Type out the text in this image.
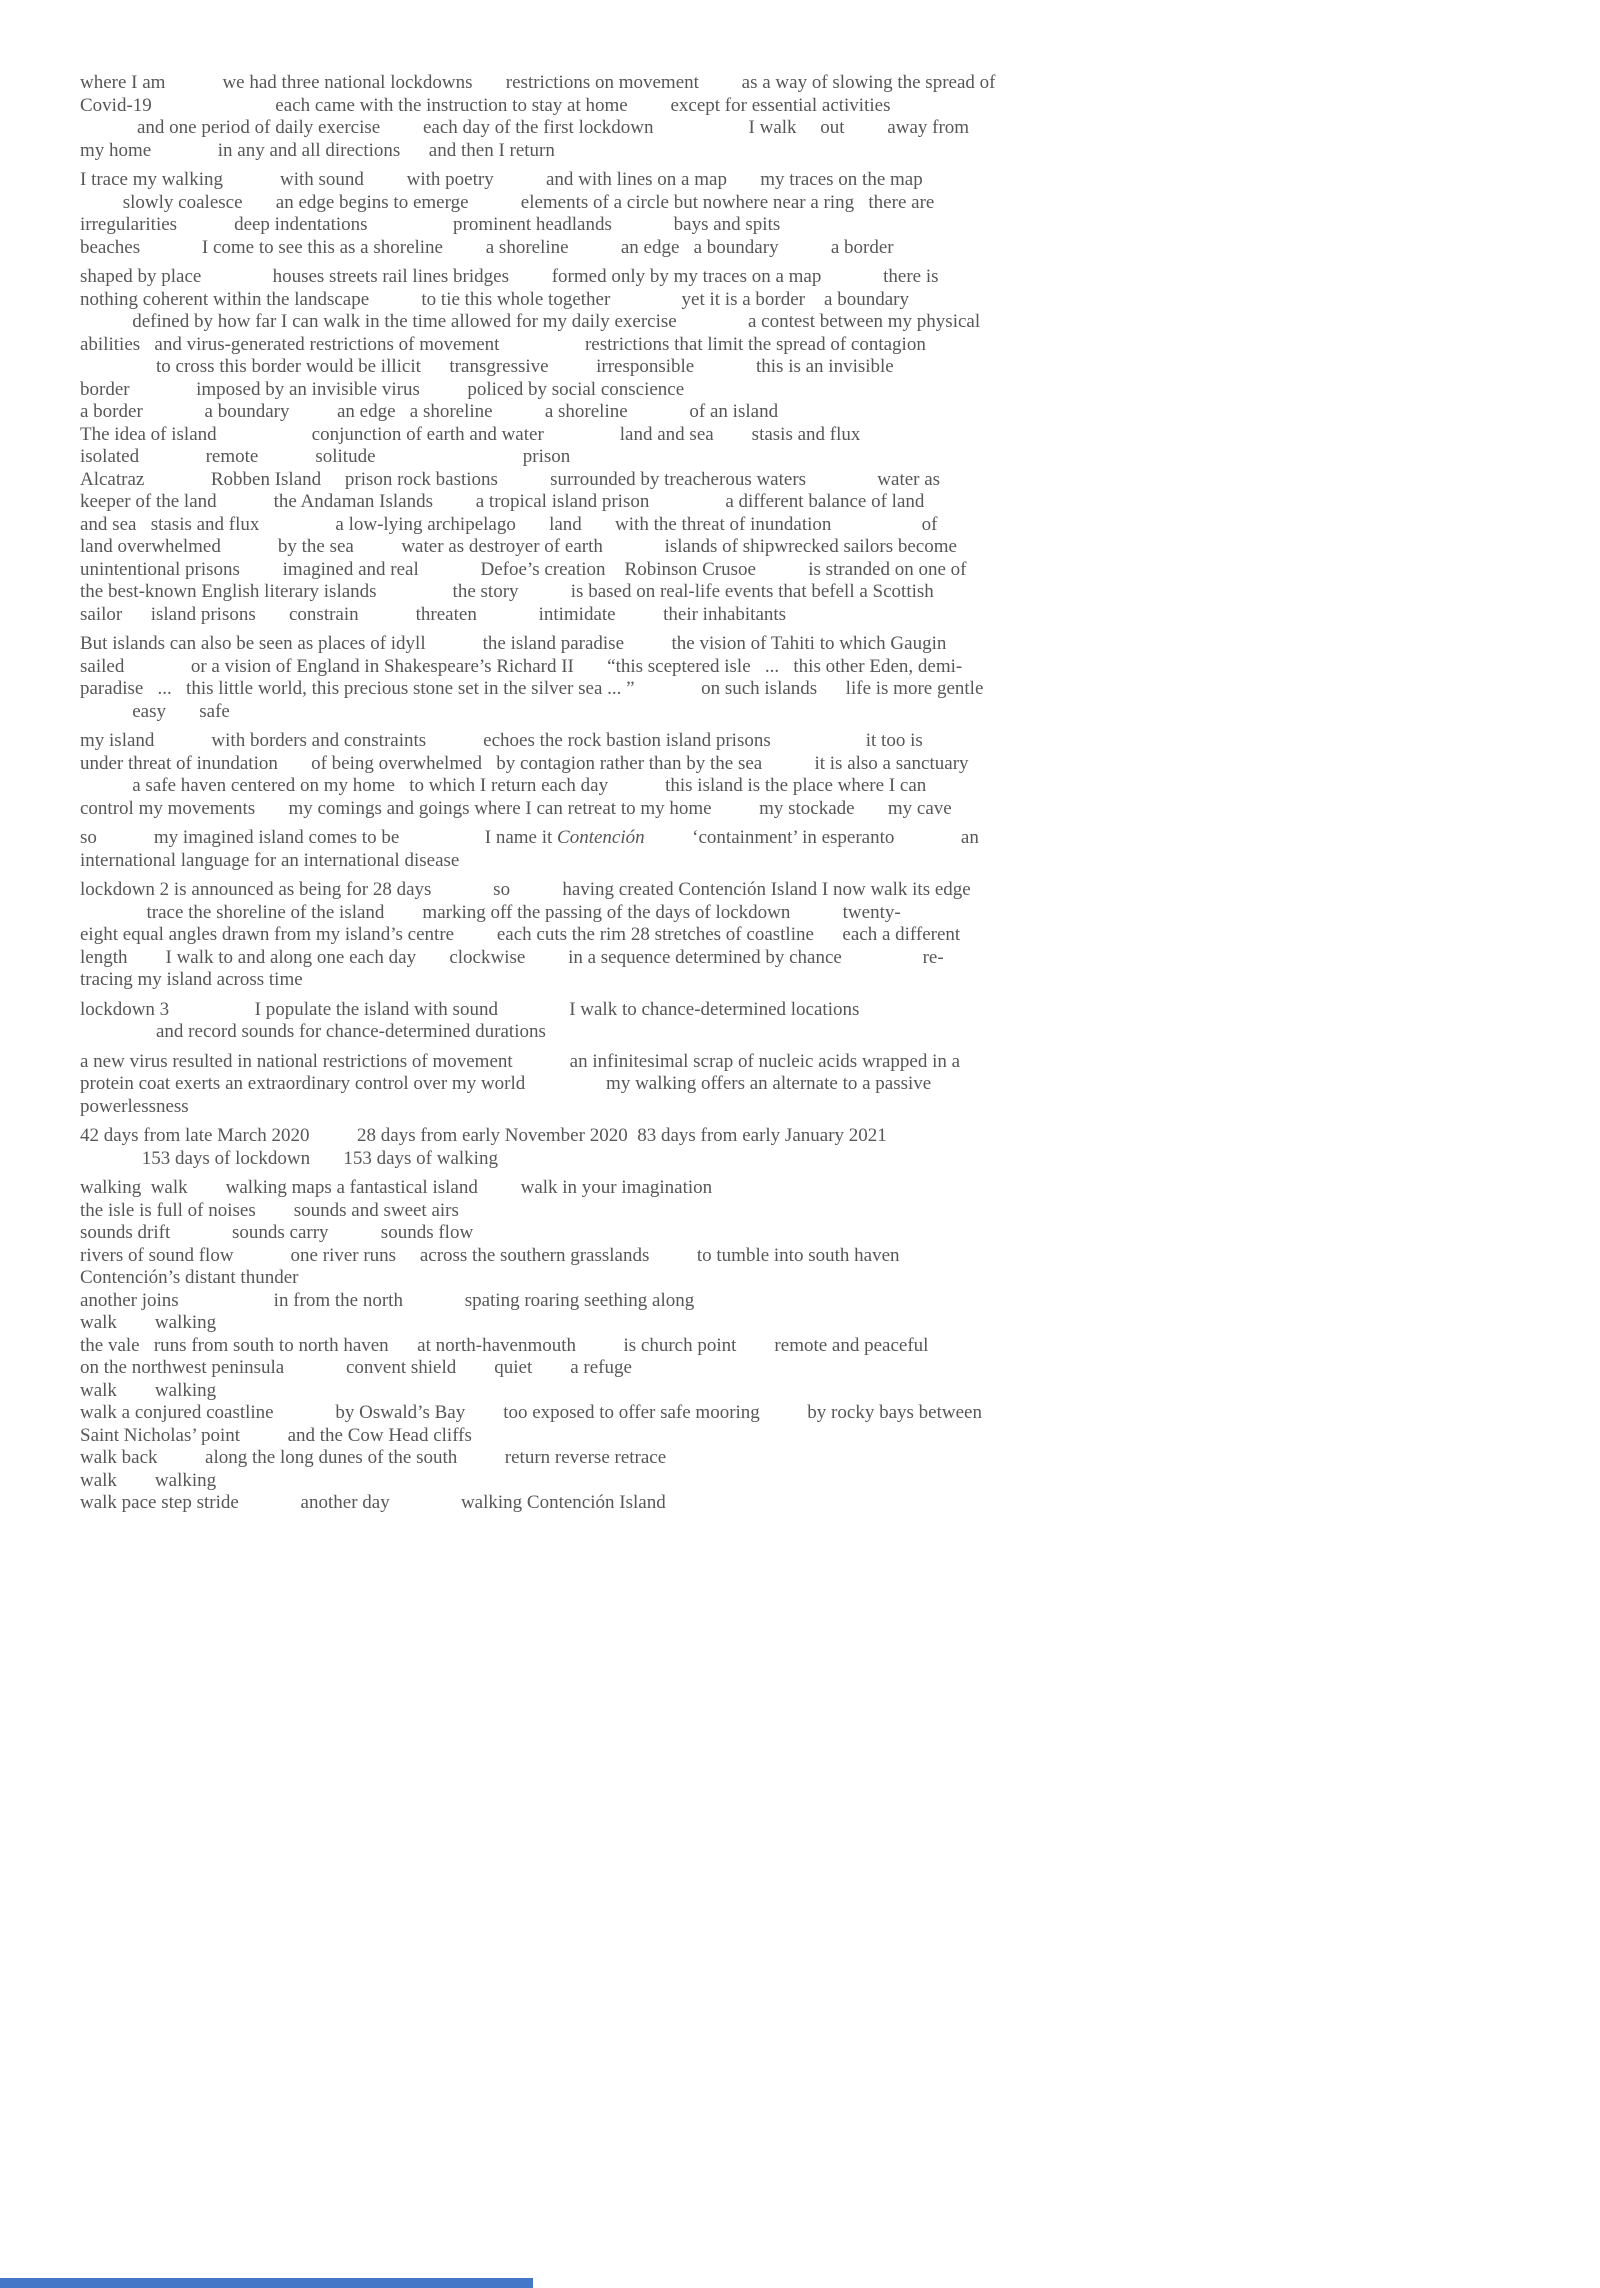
where I am            we had three national lockdowns       restrictions on movement         as a way of slowing the spread of
Covid-19                          each came with the instruction to stay at home         except for essential activities
and one period of daily exercise         each day of the first lockdown                    I walk     out         away from
my home              in any and all directions      and then I return
I trace my walking            with sound         with poetry           and with lines on a map       my traces on the map
slowly coalesce       an edge begins to emerge           elements of a circle but nowhere near a ring   there are
irregularities            deep indentations                  prominent headlands             bays and spits
beaches             I come to see this as a shoreline         a shoreline           an edge   a boundary           a border
shaped by place               houses streets rail lines bridges         formed only by my traces on a map             there is
nothing coherent within the landscape           to tie this whole together               yet it is a border    a boundary
defined by how far I can walk in the time allowed for my daily exercise               a contest between my physical
abilities   and virus-generated restrictions of movement                  restrictions that limit the spread of contagion
to cross this border would be illicit      transgressive          irresponsible             this is an invisible
border              imposed by an invisible virus          policed by social conscience
a border             a boundary          an edge   a shoreline           a shoreline             of an island
The idea of island                    conjunction of earth and water                land and sea        stasis and flux
isolated              remote            solitude                               prison
Alcatraz              Robben Island     prison rock bastions           surrounded by treacherous waters               water as
keeper of the land            the Andaman Islands         a tropical island prison                a different balance of land
and sea   stasis and flux                a low-lying archipelago       land       with the threat of inundation                   of
land overwhelmed            by the sea          water as destroyer of earth             islands of shipwrecked sailors become
unintentional prisons         imagined and real             Defoe’s creation    Robinson Crusoe           is stranded on one of
the best-known English literary islands                the story           is based on real-life events that befell a Scottish
sailor      island prisons       constrain            threaten             intimidate          their inhabitants
But islands can also be seen as places of idyll            the island paradise          the vision of Tahiti to which Gaugin
sailed              or a vision of England in Shakespeare’s Richard II       “this sceptered isle   ...   this other Eden, demi-
paradise   ...   this little world, this precious stone set in the silver sea ... ”              on such islands      life is more gentle
easy       safe
my island            with borders and constraints            echoes the rock bastion island prisons                    it too is
under threat of inundation       of being overwhelmed   by contagion rather than by the sea           it is also a sanctuary
a safe haven centered on my home   to which I return each day            this island is the place where I can
control my movements       my comings and goings where I can retreat to my home          my stockade       my cave
so            my imagined island comes to be                  I name it Contención          ‘containment’ in esperanto              an
international language for an international disease
lockdown 2 is announced as being for 28 days             so           having created Contención Island I now walk its edge
trace the shoreline of the island        marking off the passing of the days of lockdown           twenty-
eight equal angles drawn from my island’s centre         each cuts the rim 28 stretches of coastline      each a different
length        I walk to and along one each day       clockwise         in a sequence determined by chance                 re-
tracing my island across time
lockdown 3                  I populate the island with sound               I walk to chance-determined locations
and record sounds for chance-determined durations
a new virus resulted in national restrictions of movement            an infinitesimal scrap of nucleic acids wrapped in a
protein coat exerts an extraordinary control over my world                 my walking offers an alternate to a passive
powerlessness
42 days from late March 2020          28 days from early November 2020  83 days from early January 2021
153 days of lockdown       153 days of walking
walking  walk        walking maps a fantastical island         walk in your imagination
the isle is full of noises        sounds and sweet airs
sounds drift             sounds carry           sounds flow
rivers of sound flow            one river runs     across the southern grasslands          to tumble into south haven
Contención’s distant thunder
another joins                    in from the north             spating roaring seething along
walk        walking
the vale   runs from south to north haven      at north-havenmouth          is church point        remote and peaceful
on the northwest peninsula             convent shield        quiet        a refuge
walk        walking
walk a conjured coastline             by Oswald’s Bay        too exposed to offer safe mooring          by rocky bays between
Saint Nicholas’ point          and the Cow Head cliffs
walk back          along the long dunes of the south          return reverse retrace
walk        walking
walk pace step stride             another day               walking Contención Island
